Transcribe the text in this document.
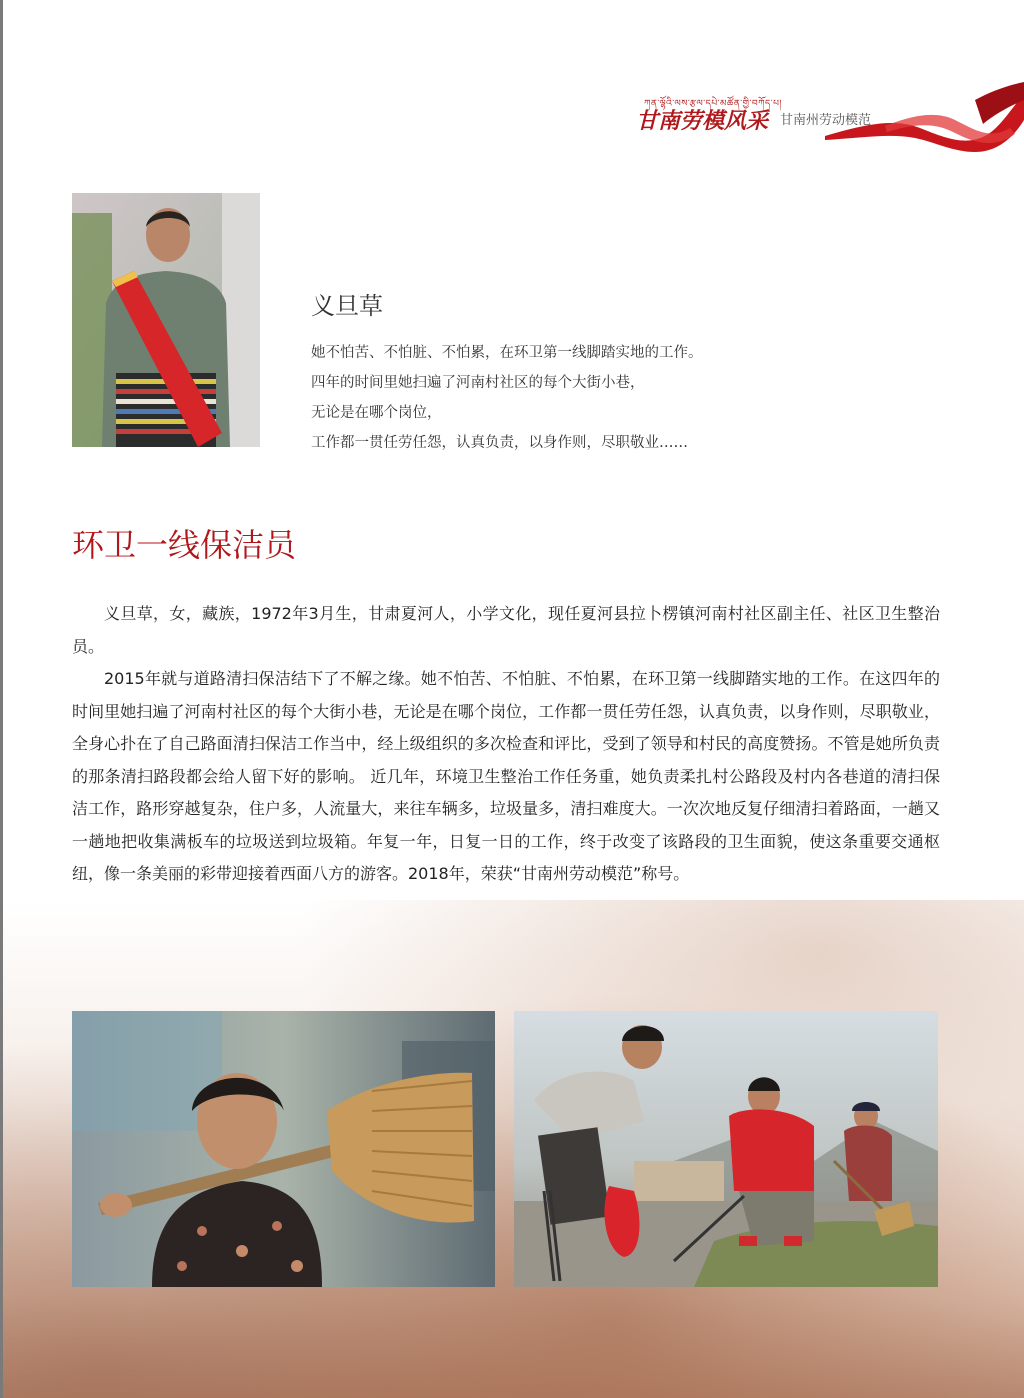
ཀན་ལྷོའི་ལས་རྩལ་དཔེ་མཚོན་གྱི་བཀོད་པ།
甘南劳模风采 甘南州劳动模范
义旦草
她不怕苦、不怕脏、不怕累，在环卫第一线脚踏实地的工作。
四年的时间里她扫遍了河南村社区的每个大街小巷，
无论是在哪个岗位，
工作都一贯任劳任怨，认真负责，以身作则，尽职敬业……
环卫一线保洁员

义旦草，女，藏族，1972年3月生，甘肃夏河人，小学文化，现任夏河县拉卜楞镇河南村社区副主任、社区卫生整治员。

2015年就与道路清扫保洁结下了不解之缘。她不怕苦、不怕脏、不怕累，在环卫第一线脚踏实地的工作。在这四年的时间里她扫遍了河南村社区的每个大街小巷，无论是在哪个岗位，工作都一贯任劳任怨，认真负责，以身作则，尽职敬业，全身心扑在了自己路面清扫保洁工作当中，经上级组织的多次检查和评比，受到了领导和村民的高度赞扬。不管是她所负责的那条清扫路段都会给人留下好的影响。 近几年，环境卫生整治工作任务重，她负责柔扎村公路段及村内各巷道的清扫保洁工作，路形穿越复杂，住户多，人流量大，来往车辆多，垃圾量多，清扫难度大。一次次地反复仔细清扫着路面，一趟又一趟地把收集满板车的垃圾送到垃圾箱。年复一年，日复一日的工作，终于改变了该路段的卫生面貌，使这条重要交通枢纽，像一条美丽的彩带迎接着西面八方的游客。2018年，荣获“甘南州劳动模范”称号。
